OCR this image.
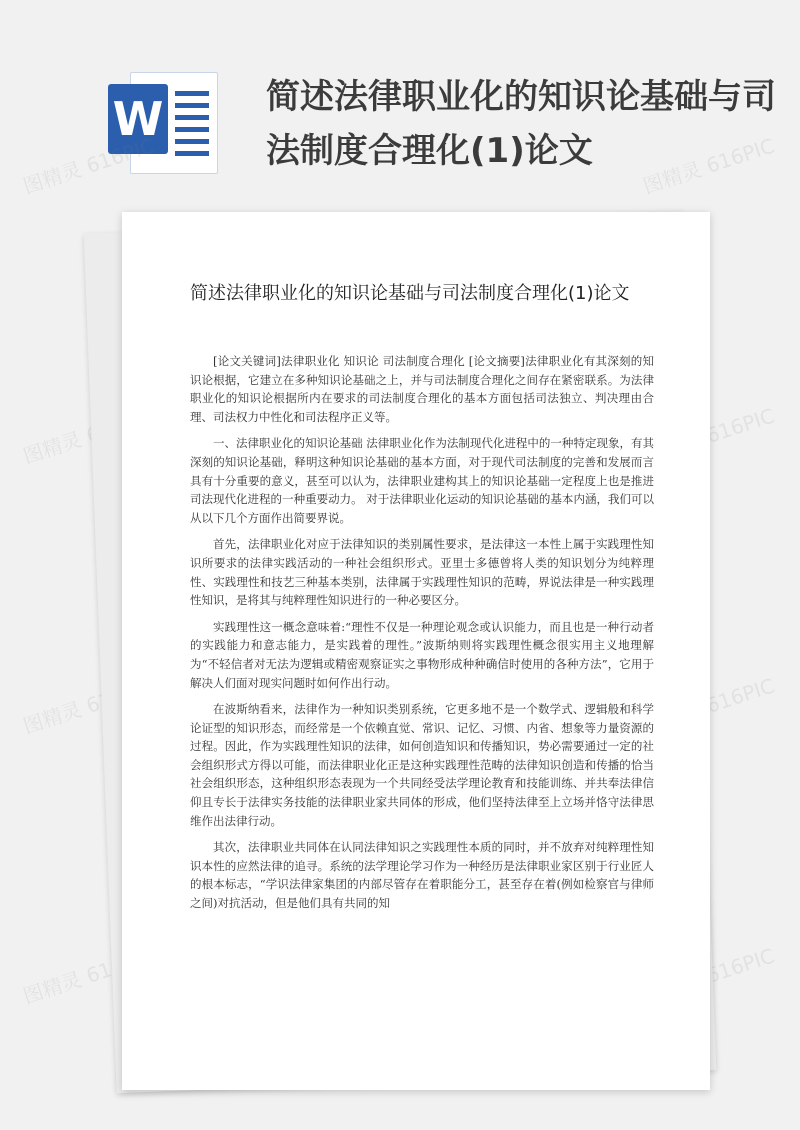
W	简述法律职业化的知识论基础与司法制度合理化(1)论文
图精灵 616PIC	图精灵 616PIC
图精灵 616PIC	616PIC
图精灵 616PIC	616PIC
图精灵 616PIC	616PIC
简述法律职业化的知识论基础与司法制度合理化(1)论文

[论文关键词]法律职业化 知识论 司法制度合理化 [论文摘要]法律职业化有其深刻的知识论根据，它建立在多种知识论基础之上，并与司法制度合理化之间存在紧密联系。为法律职业化的知识论根据所内在要求的司法制度合理化的基本方面包括司法独立、判决理由合理、司法权力中性化和司法程序正义等。

一、法律职业化的知识论基础 法律职业化作为法制现代化进程中的一种特定现象，有其深刻的知识论基础，释明这种知识论基础的基本方面，对于现代司法制度的完善和发展而言具有十分重要的意义，甚至可以认为，法律职业建构其上的知识论基础一定程度上也是推进司法现代化进程的一种重要动力。 对于法律职业化运动的知识论基础的基本内涵，我们可以从以下几个方面作出简要界说。

首先，法律职业化对应于法律知识的类别属性要求，是法律这一本性上属于实践理性知识所要求的法律实践活动的一种社会组织形式。亚里士多德曾将人类的知识划分为纯粹理性、实践理性和技艺三种基本类别，法律属于实践理性知识的范畴，界说法律是一种实践理性知识，是将其与纯粹理性知识进行的一种必要区分。

实践理性这一概念意味着:“理性不仅是一种理论观念或认识能力，而且也是一种行动者的实践能力和意志能力，是实践着的理性。”波斯纳则将实践理性概念很实用主义地理解为“不轻信者对无法为逻辑或精密观察证实之事物形成种种确信时使用的各种方法”，它用于解决人们面对现实问题时如何作出行动。

在波斯纳看来，法律作为一种知识类别系统，它更多地不是一个数学式、逻辑般和科学论证型的知识形态，而经常是一个依赖直觉、常识、记忆、习惯、内省、想象等力量资源的过程。因此，作为实践理性知识的法律，如何创造知识和传播知识，势必需要通过一定的社会组织形式方得以可能，而法律职业化正是这种实践理性范畴的法律知识创造和传播的恰当社会组织形态，这种组织形态表现为一个共同经受法学理论教育和技能训练、并共奉法律信仰且专长于法律实务技能的法律职业家共同体的形成，他们坚持法律至上立场并恪守法律思维作出法律行动。

其次，法律职业共同体在认同法律知识之实践理性本质的同时，并不放弃对纯粹理性知识本性的应然法律的追寻。系统的法学理论学习作为一种经历是法律职业家区别于行业匠人的根本标志，“学识法律家集团的内部尽管存在着职能分工，甚至存在着(例如检察官与律师之间)对抗活动，但是他们具有共同的知
